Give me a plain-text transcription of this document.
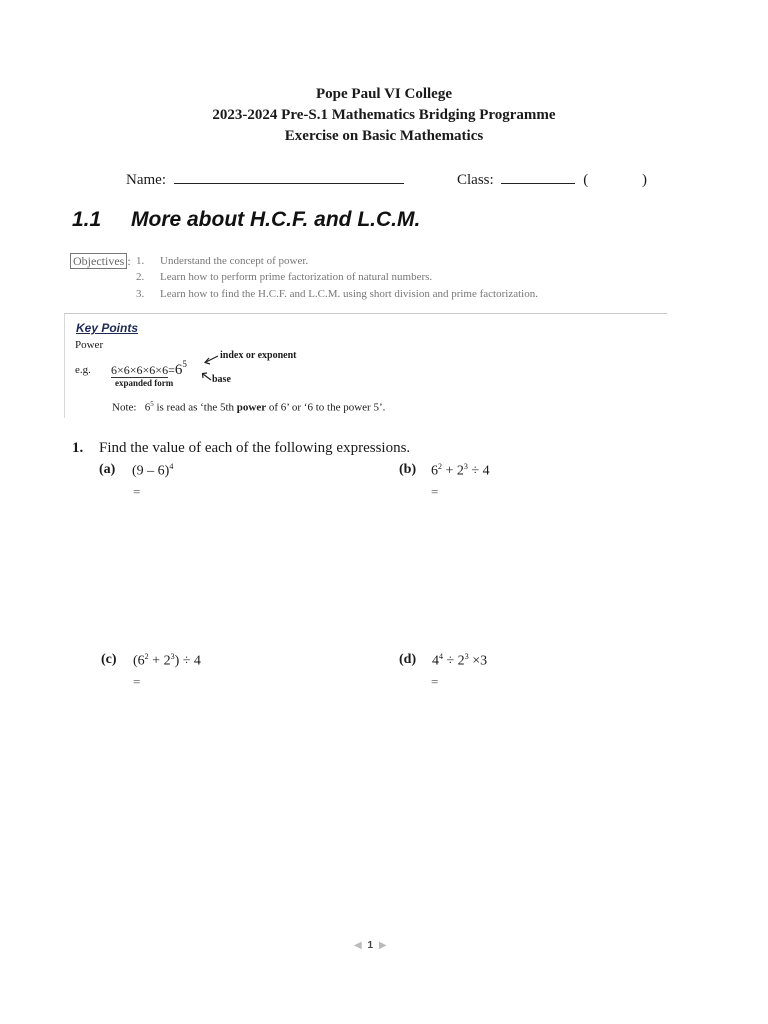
Pope Paul VI College
2023-2024 Pre-S.1 Mathematics Bridging Programme
Exercise on Basic Mathematics
Name:	Class:	(	)
1.1 More about H.C.F. and L.C.M.
Objectives : 1. Understand the concept of power.
2. Learn how to perform prime factorization of natural numbers.
3. Learn how to find the H.C.F. and L.C.M. using short division and prime factorization.
Key Points
Power
e.g. $6\times 6\times 6\times 6\times 6=6^5$
expanded form
index or exponent
base
Note: $6^5$ is read as ‘the 5th power of 6’ or ‘6 to the power 5’.
1. Find the value of each of the following expressions.
(a) (9 – 6)$^4$
=
(b) $6^2 + 2^3 \div 4$
=
(c) $(6^2 + 2^3) \div 4$
=
(d) $4^4 \div 2^3 \times 3$
=
◀ 1 ▶
